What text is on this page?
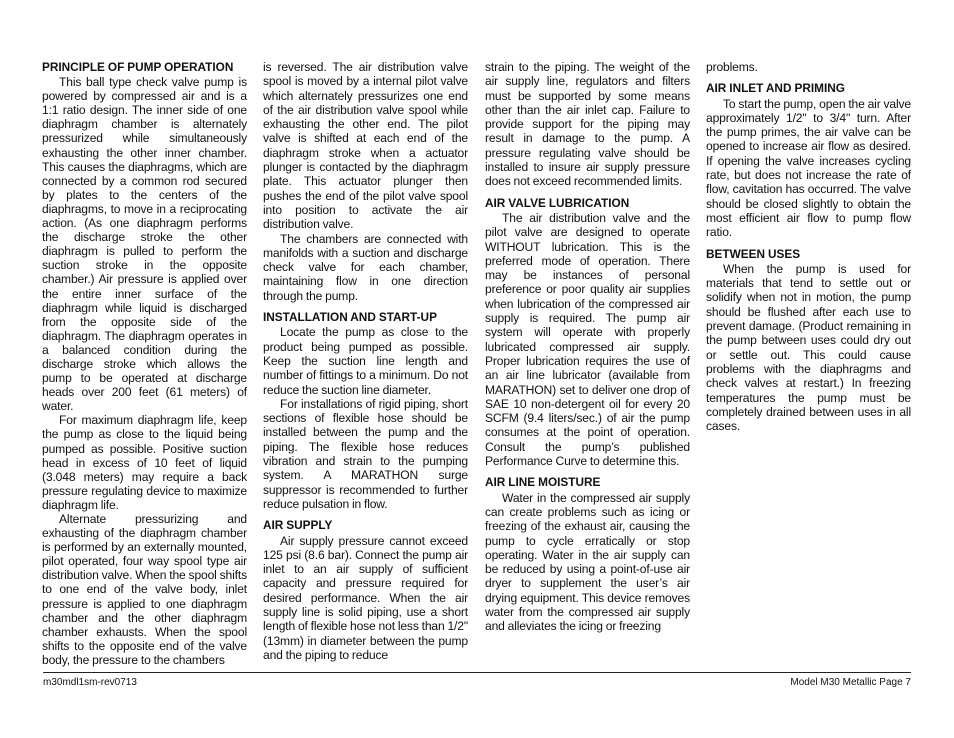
PRINCIPLE OF PUMP OPERATION

This ball type check valve pump is powered by compressed air and is a 1:1 ratio design. The inner side of one diaphragm chamber is alternately pressurized while simultaneously exhausting the other inner chamber. This causes the diaphragms, which are connected by a common rod secured by plates to the centers of the diaphragms, to move in a reciprocating action. (As one diaphragm performs the discharge stroke the other diaphragm is pulled to perform the suction stroke in the opposite chamber.) Air pressure is applied over the entire inner surface of the diaphragm while liquid is discharged from the opposite side of the diaphragm. The diaphragm operates in a balanced condition during the discharge stroke which allows the pump to be operated at discharge heads over 200 feet (61 meters) of water.

For maximum diaphragm life, keep the pump as close to the liquid being pumped as possible. Positive suction head in excess of 10 feet of liquid (3.048 meters) may require a back pressure regulating device to maximize diaphragm life.

Alternate pressurizing and exhausting of the diaphragm chamber is performed by an externally mounted, pilot operated, four way spool type air distribution valve. When the spool shifts to one end of the valve body, inlet pressure is applied to one diaphragm chamber and the other diaphragm chamber exhausts. When the spool shifts to the opposite end of the valve body, the pressure to the chambers

is reversed. The air distribution valve spool is moved by a internal pilot valve which alternately pressurizes one end of the air distribution valve spool while exhausting the other end. The pilot valve is shifted at each end of the diaphragm stroke when a actuator plunger is contacted by the diaphragm plate. This actuator plunger then pushes the end of the pilot valve spool into position to activate the air distribution valve.

The chambers are connected with manifolds with a suction and discharge check valve for each chamber, maintaining flow in one direction through the pump.

INSTALLATION AND START-UP

Locate the pump as close to the product being pumped as possible. Keep the suction line length and number of fittings to a minimum. Do not reduce the suction line diameter.

For installations of rigid piping, short sections of flexible hose should be installed between the pump and the piping. The flexible hose reduces vibration and strain to the pumping system. A MARATHON surge suppressor is recommended to further reduce pulsation in flow.

AIR SUPPLY

Air supply pressure cannot exceed 125 psi (8.6 bar). Connect the pump air inlet to an air supply of sufficient capacity and pressure required for desired performance. When the air supply line is solid piping, use a short length of flexible hose not less than 1/2" (13mm) in diameter between the pump and the piping to reduce

strain to the piping. The weight of the air supply line, regulators and filters must be supported by some means other than the air inlet cap. Failure to provide support for the piping may result in damage to the pump. A pressure regulating valve should be installed to insure air supply pressure does not exceed recommended limits.

AIR VALVE LUBRICATION

The air distribution valve and the pilot valve are designed to operate WITHOUT lubrication. This is the preferred mode of operation. There may be instances of personal preference or poor quality air supplies when lubrication of the compressed air supply is required. The pump air system will operate with properly lubricated compressed air supply. Proper lubrication requires the use of an air line lubricator (available from MARATHON) set to deliver one drop of SAE 10 non-detergent oil for every 20 SCFM (9.4 liters/sec.) of air the pump consumes at the point of operation. Consult the pump’s published Performance Curve to determine this.

AIR LINE MOISTURE

Water in the compressed air supply can create problems such as icing or freezing of the exhaust air, causing the pump to cycle erratically or stop operating. Water in the air supply can be reduced by using a point-of-use air dryer to supplement the user’s air drying equipment. This device removes water from the compressed air supply and alleviates the icing or freezing

problems.

AIR INLET AND PRIMING

To start the pump, open the air valve approximately 1/2" to 3/4" turn. After the pump primes, the air valve can be opened to increase air flow as desired. If opening the valve increases cycling rate, but does not increase the rate of flow, cavitation has occurred. The valve should be closed slightly to obtain the most efficient air flow to pump flow ratio.

BETWEEN USES

When the pump is used for materials that tend to settle out or solidify when not in motion, the pump should be flushed after each use to prevent damage. (Product remaining in the pump between uses could dry out or settle out. This could cause problems with the diaphragms and check valves at restart.) In freezing temperatures the pump must be completely drained between uses in all cases.

m30mdl1sm-rev0713	Model M30 Metallic Page 7
